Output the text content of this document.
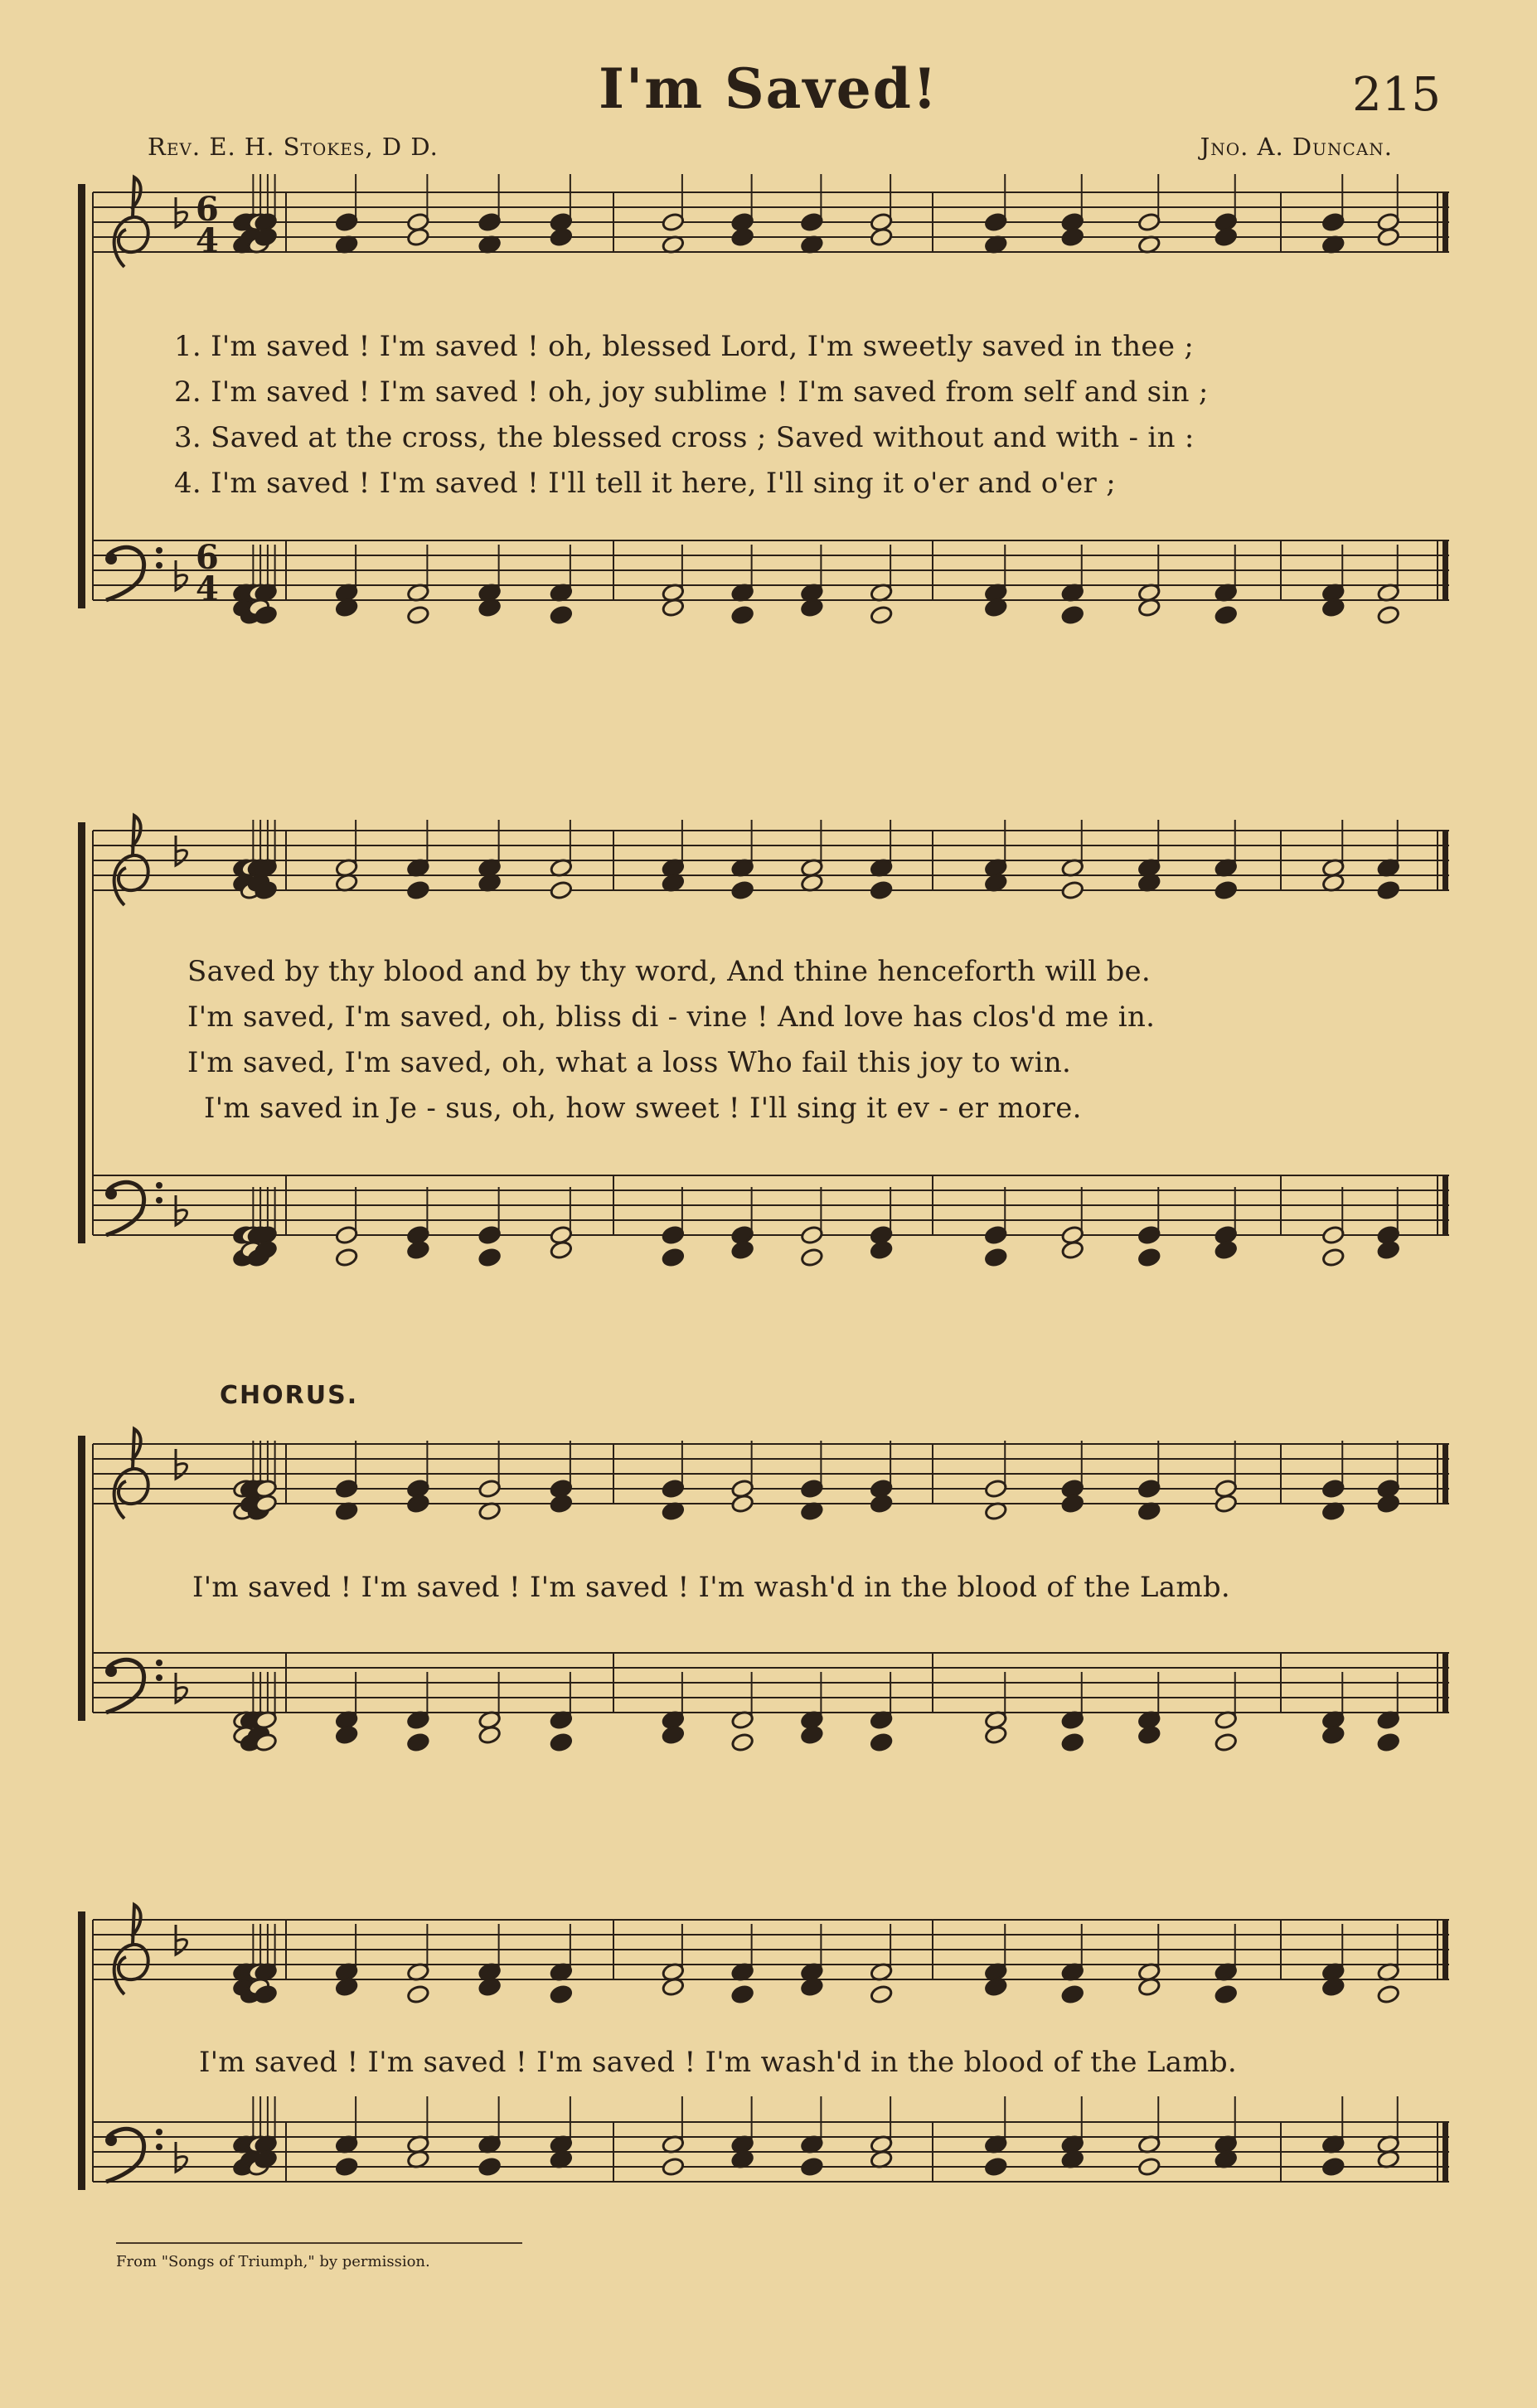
I'm Saved!	215
Rev. E. H. Stokes, D D.	Jno. A. Duncan.
6
4
6
4
1. I'm saved ! I'm saved ! oh, blessed Lord, I'm sweetly saved in thee ;
2. I'm saved ! I'm saved ! oh, joy sublime ! I'm saved from self and sin ;
3. Saved at the cross, the blessed cross ; Saved without and with - in :
4. I'm saved ! I'm saved ! I'll tell it here, I'll sing it o'er and o'er ;
Saved by thy blood and by thy word, And thine henceforth will be.
I'm saved, I'm saved, oh, bliss di - vine ! And love has clos'd me in.
I'm saved, I'm saved, oh, what a loss Who fail this joy to win.
I'm saved in Je - sus, oh, how sweet ! I'll sing it ev - er more.
CHORUS.
I'm saved ! I'm saved ! I'm saved ! I'm wash'd in the blood of the Lamb.
I'm saved ! I'm saved ! I'm saved ! I'm wash'd in the blood of the Lamb.
From "Songs of Triumph," by permission.
